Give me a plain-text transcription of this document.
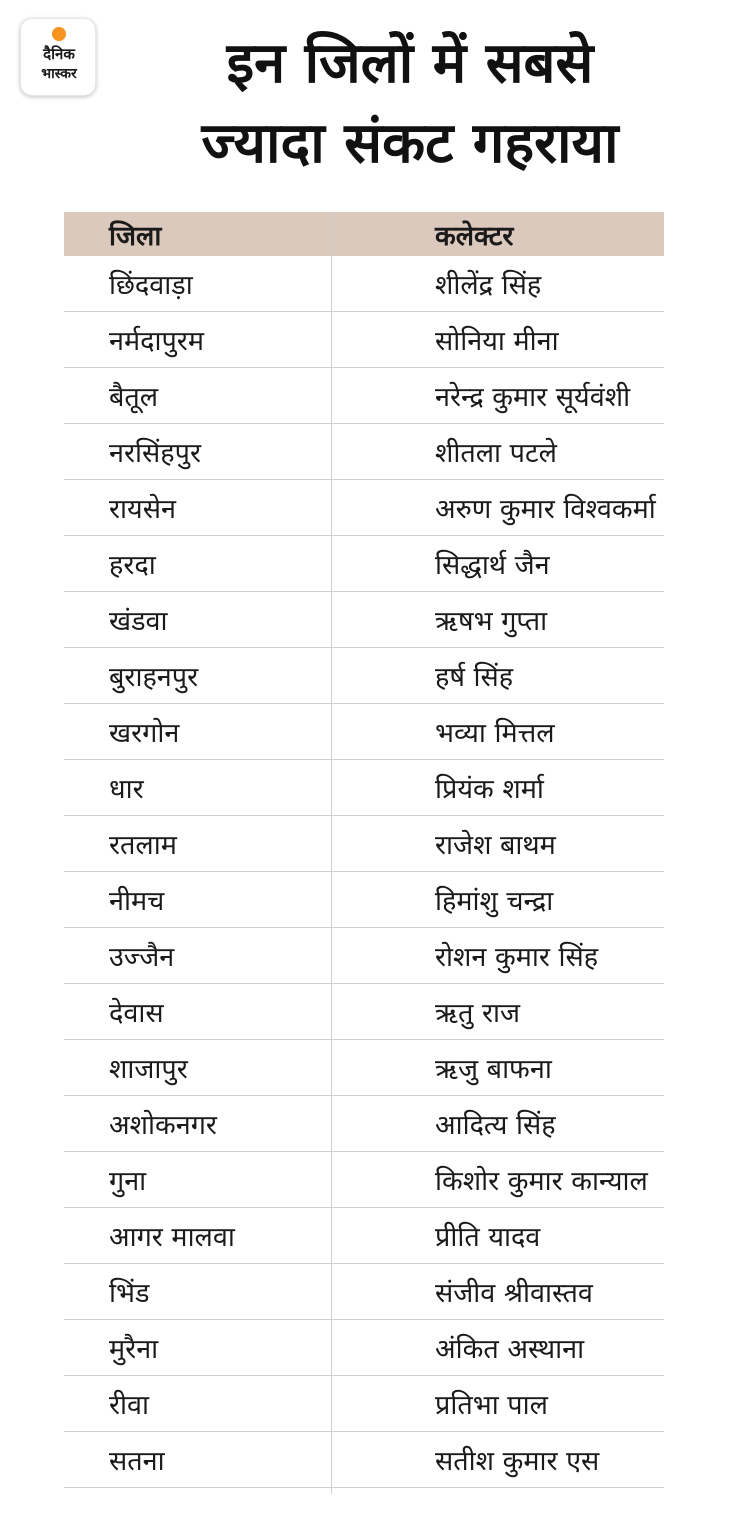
दैनिक
भास्कर	इन जिलों में सबसे
ज्यादा संकट गहराया
जिला	कलेक्टर
छिंदवाड़ा	शीलेंद्र सिंह
नर्मदापुरम	सोनिया मीना
बैतूल	नरेन्द्र कुमार सूर्यवंशी
नरसिंहपुर	शीतला पटले
रायसेन	अरुण कुमार विश्वकर्मा
हरदा	सिद्धार्थ जैन
खंडवा	ऋषभ गुप्ता
बुराहनपुर	हर्ष सिंह
खरगोन	भव्या मित्तल
धार	प्रियंक शर्मा
रतलाम	राजेश बाथम
नीमच	हिमांशु चन्द्रा
उज्जैन	रोशन कुमार सिंह
देवास	ऋतु राज
शाजापुर	ऋजु बाफना
अशोकनगर	आदित्य सिंह
गुना	किशोर कुमार कान्याल
आगर मालवा	प्रीति यादव
भिंड	संजीव श्रीवास्तव
मुरैना	अंकित अस्थाना
रीवा	प्रतिभा पाल
सतना	सतीश कुमार एस
